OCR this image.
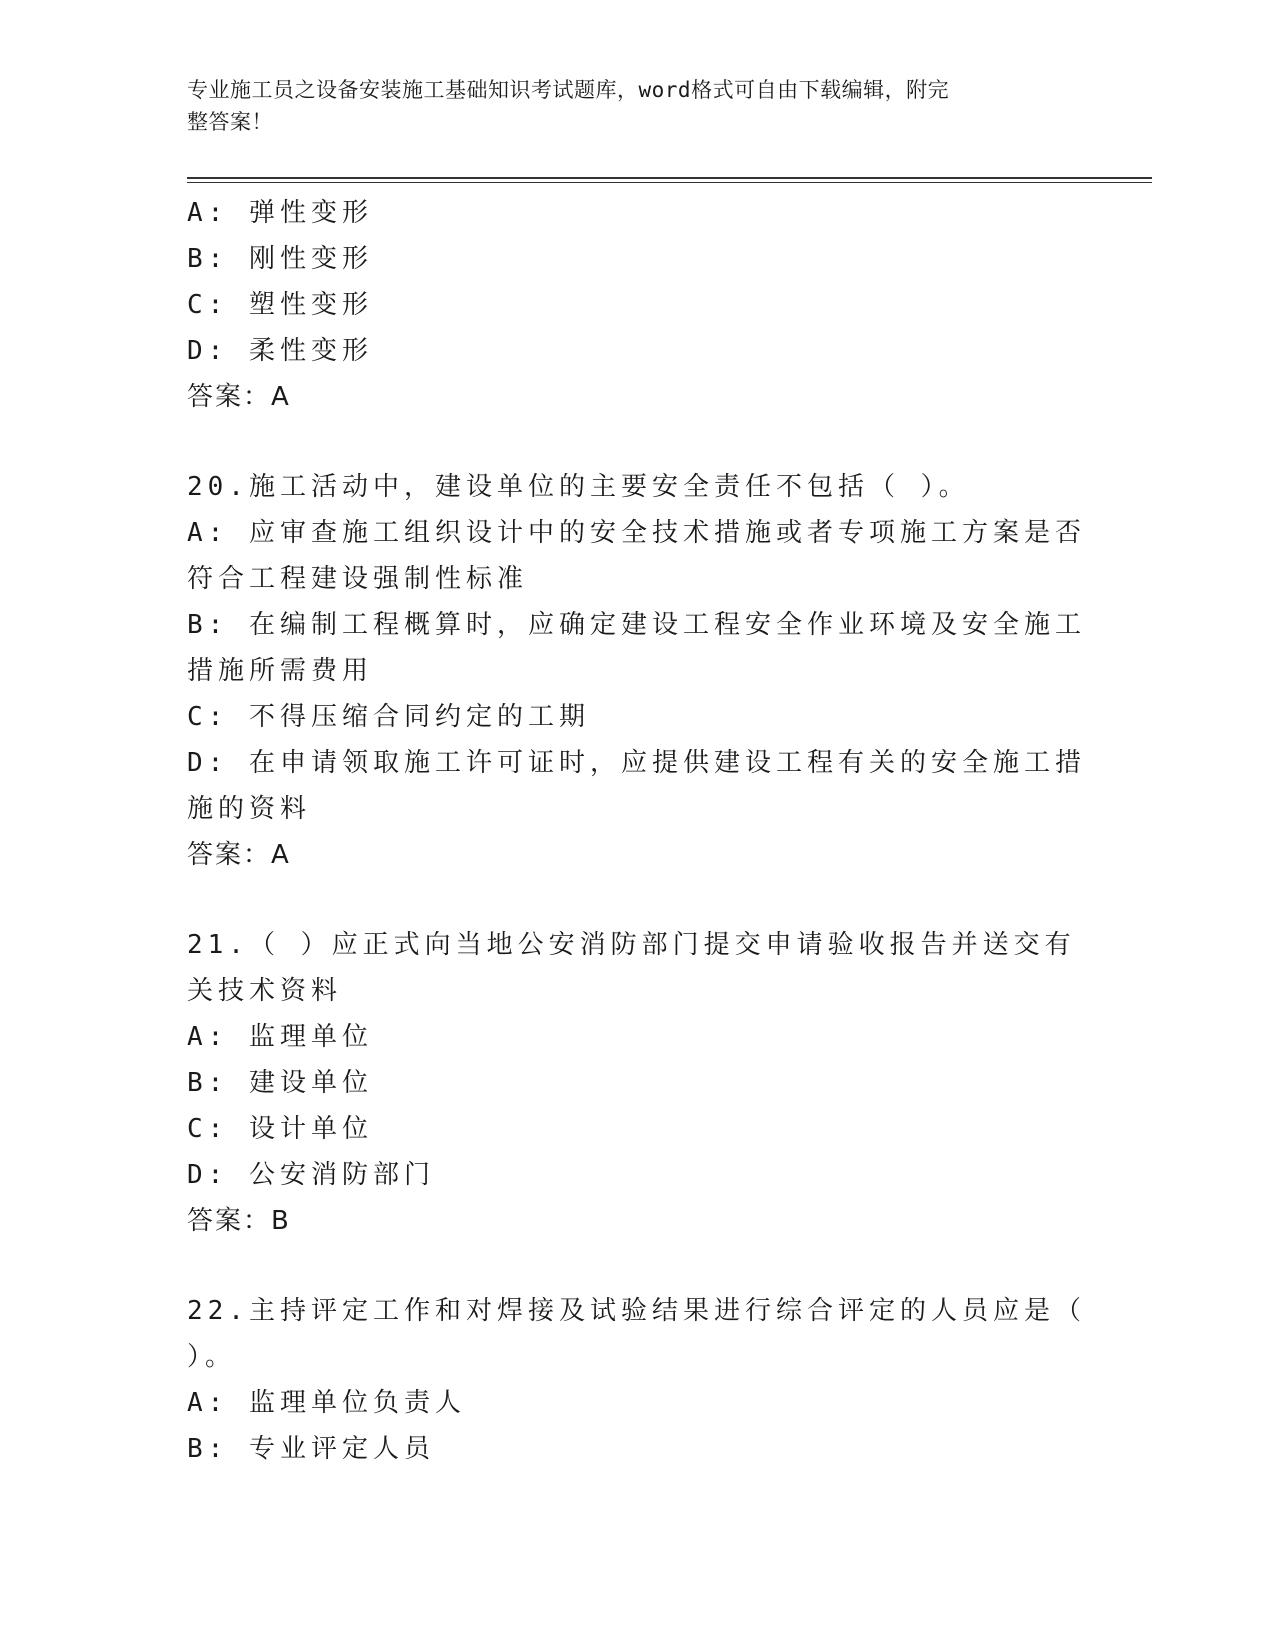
专业施工员之设备安装施工基础知识考试题库，word格式可自由下载编辑，附完
整答案！
A: 弹性变形
B: 刚性变形
C: 塑性变形
D: 柔性变形
答案：A
20.施工活动中，建设单位的主要安全责任不包括（ ）。
A: 应审查施工组织设计中的安全技术措施或者专项施工方案是否符合工程建设强制性标准
B: 在编制工程概算时，应确定建设工程安全作业环境及安全施工措施所需费用
C: 不得压缩合同约定的工期
D: 在申请领取施工许可证时，应提供建设工程有关的安全施工措施的资料
答案：A
21.（ ）应正式向当地公安消防部门提交申请验收报告并送交有关技术资料
A: 监理单位
B: 建设单位
C: 设计单位
D: 公安消防部门
答案：B
22.主持评定工作和对焊接及试验结果进行综合评定的人员应是（ ）。
A: 监理单位负责人
B: 专业评定人员
